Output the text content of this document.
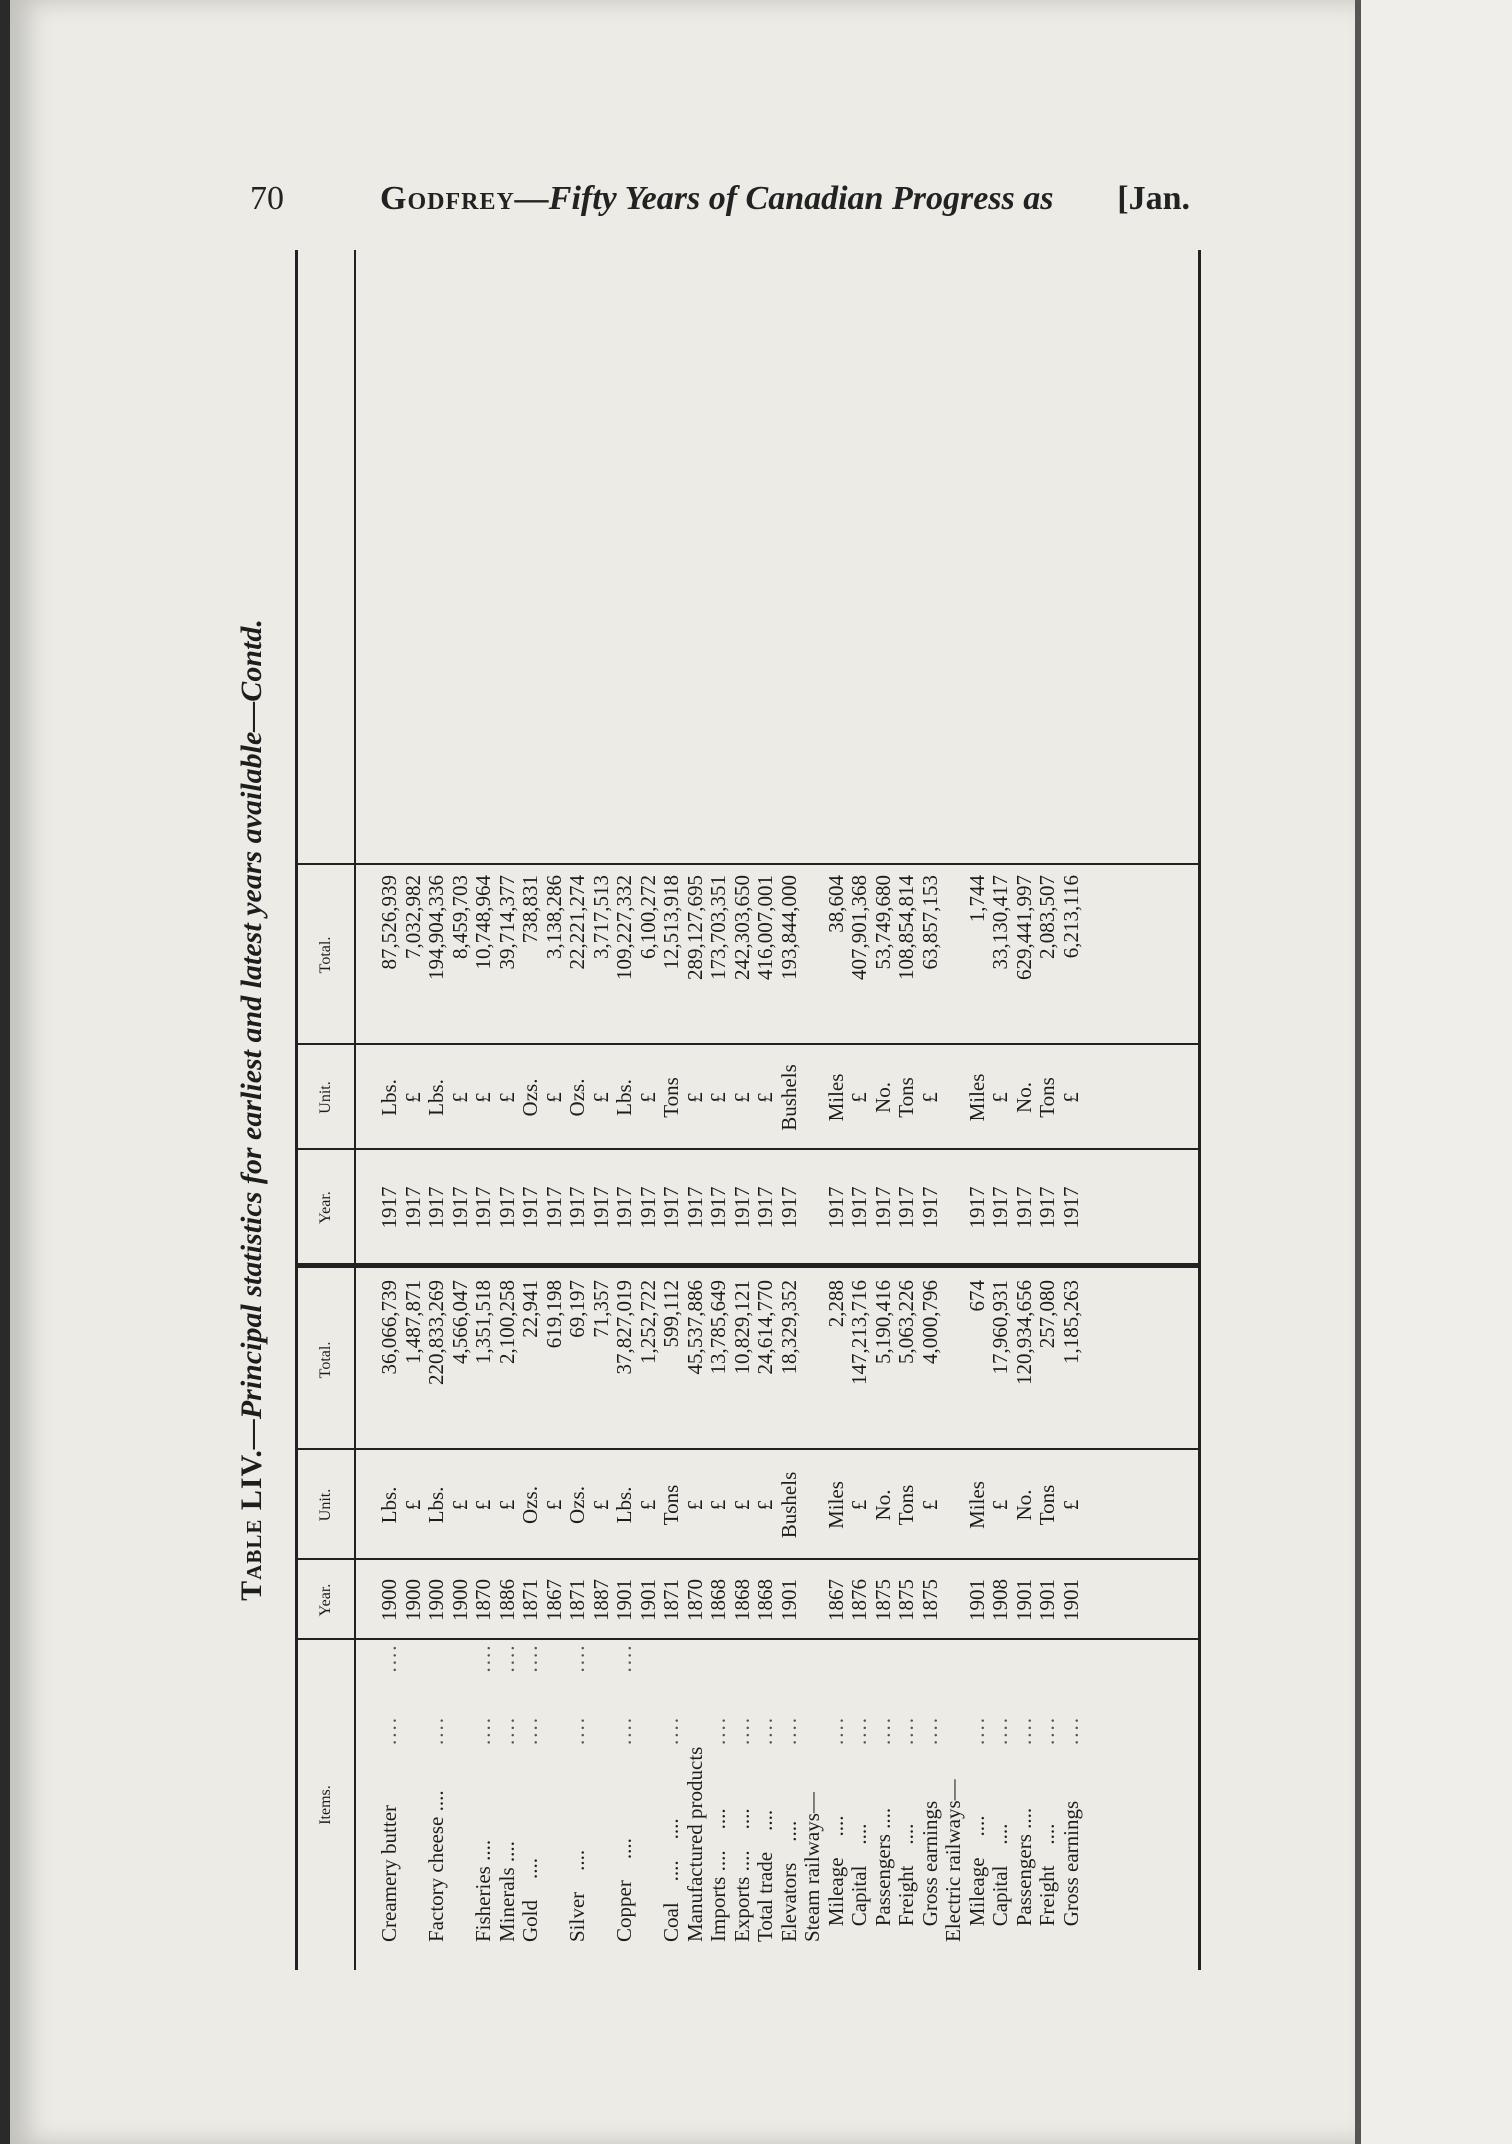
70	Godfrey—Fifty Years of Canadian Progress as [Jan.
Table LIV.—Principal statistics for earliest and latest years available—Contd.
Items.
Year.
Unit.
Total.
Year.
Unit.
Total.
Creamery butter Factory cheese .... Fisheries .... Minerals .... Gold    .... Silver    .... Copper    .... Coal    ....    .... Manufactured products Imports ....    .... Exports ....    .... Total trade    .... Elevators    .... Steam railways— Mileage    .... Capital    .... Passengers .... Freight    .... Gross earnings Electric railways— Mileage    .... Capital    .... Passengers .... Freight    .... Gross earnings
....      .... .... ....      .... ....      .... ....      .... ....      .... ....      .... .... .... .... .... .... .... .... .... .... .... .... .... .... .... ....
1900 1900 1900 1900 1870 1886 1871 1867 1871 1887 1901 1901 1871 1870 1868 1868 1868 1901 1867 1876 1875 1875 1875 1901 1908 1901 1901 1901
Lbs. £ Lbs. £ £ £ Ozs. £ Ozs. £ Lbs. £ Tons £ £ £ £ Bushels Miles £ No. Tons £ Miles £ No. Tons £
36,066,739 1,487,871 220,833,269 4,566,047 1,351,518 2,100,258 22,941 619,198 69,197 71,357 37,827,019 1,252,722 599,112 45,537,886 13,785,649 10,829,121 24,614,770 18,329,352 2,288 147,213,716 5,190,416 5,063,226 4,000,796 674 17,960,931 120,934,656 257,080 1,185,263
1917 1917 1917 1917 1917 1917 1917 1917 1917 1917 1917 1917 1917 1917 1917 1917 1917 1917 1917 1917 1917 1917 1917 1917 1917 1917 1917 1917
Lbs. £ Lbs. £ £ £ Ozs. £ Ozs. £ Lbs. £ Tons £ £ £ £ Bushels Miles £ No. Tons £ Miles £ No. Tons £
87,526,939 7,032,982 194,904,336 8,459,703 10,748,964 39,714,377 738,831 3,138,286 22,221,274 3,717,513 109,227,332 6,100,272 12,513,918 289,127,695 173,703,351 242,303,650 416,007,001 193,844,000 38,604 407,901,368 53,749,680 108,854,814 63,857,153 1,744 33,130,417 629,441,997 2,083,507 6,213,116
